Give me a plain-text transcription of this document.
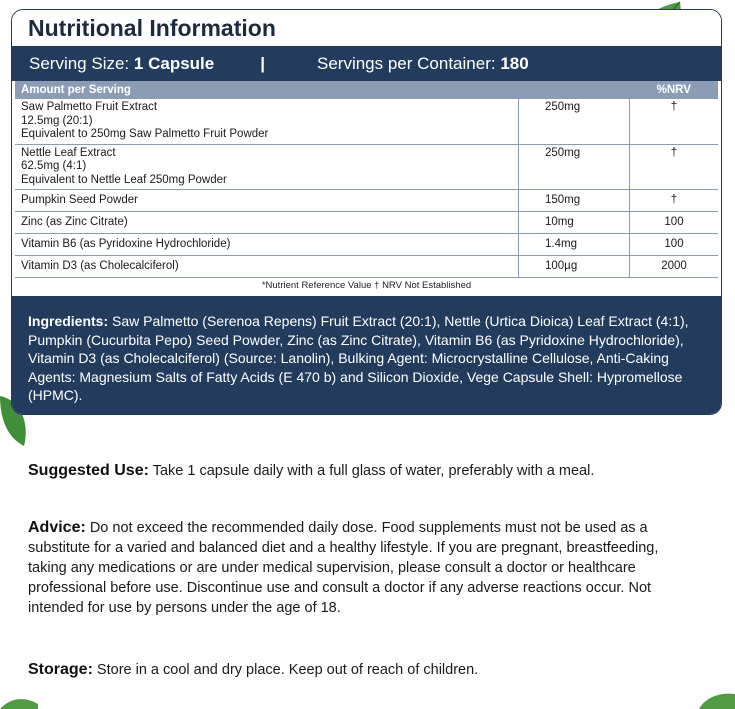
Nutritional Information
Serving Size:
1 Capsule	|	Servings per Container:
180
Amount per Serving		%NRV

Saw Palmetto Fruit Extract
12.5mg (20:1)
Equivalent to 250mg Saw Palmetto Fruit Powder	250mg	†

Nettle Leaf Extract
62.5mg (4:1)
Equivalent to Nettle Leaf 250mg Powder	250mg	†
Pumpkin Seed Powder	150mg	†
Zinc (as Zinc Citrate)	10mg	100
Vitamin B6 (as Pyridoxine Hydrochloride)	1.4mg	100
Vitamin D3 (as Cholecalciferol)	100µg	2000
*Nutrient Reference Value † NRV Not Established
Ingredients: Saw Palmetto (Serenoa Repens) Fruit Extract (20:1), Nettle (Urtica Dioica) Leaf Extract (4:1), Pumpkin (Cucurbita Pepo) Seed Powder, Zinc (as Zinc Citrate), Vitamin B6 (as Pyridoxine Hydrochloride), Vitamin D3 (as Cholecalciferol) (Source: Lanolin), Bulking Agent: Microcrystalline Cellulose, Anti-Caking Agents: Magnesium Salts of Fatty Acids (E 470 b) and Silicon Dioxide, Vege Capsule Shell: Hypromellose (HPMC).
Suggested Use: Take 1 capsule daily with a full glass of water, preferably with a meal.
Advice: Do not exceed the recommended daily dose. Food supplements must not be used as a substitute for a varied and balanced diet and a healthy lifestyle. If you are pregnant, breastfeeding, taking any medications or are under medical supervision, please consult a doctor or healthcare professional before use. Discontinue use and consult a doctor if any adverse reactions occur. Not intended for use by persons under the age of 18.
Storage: Store in a cool and dry place. Keep out of reach of children.
